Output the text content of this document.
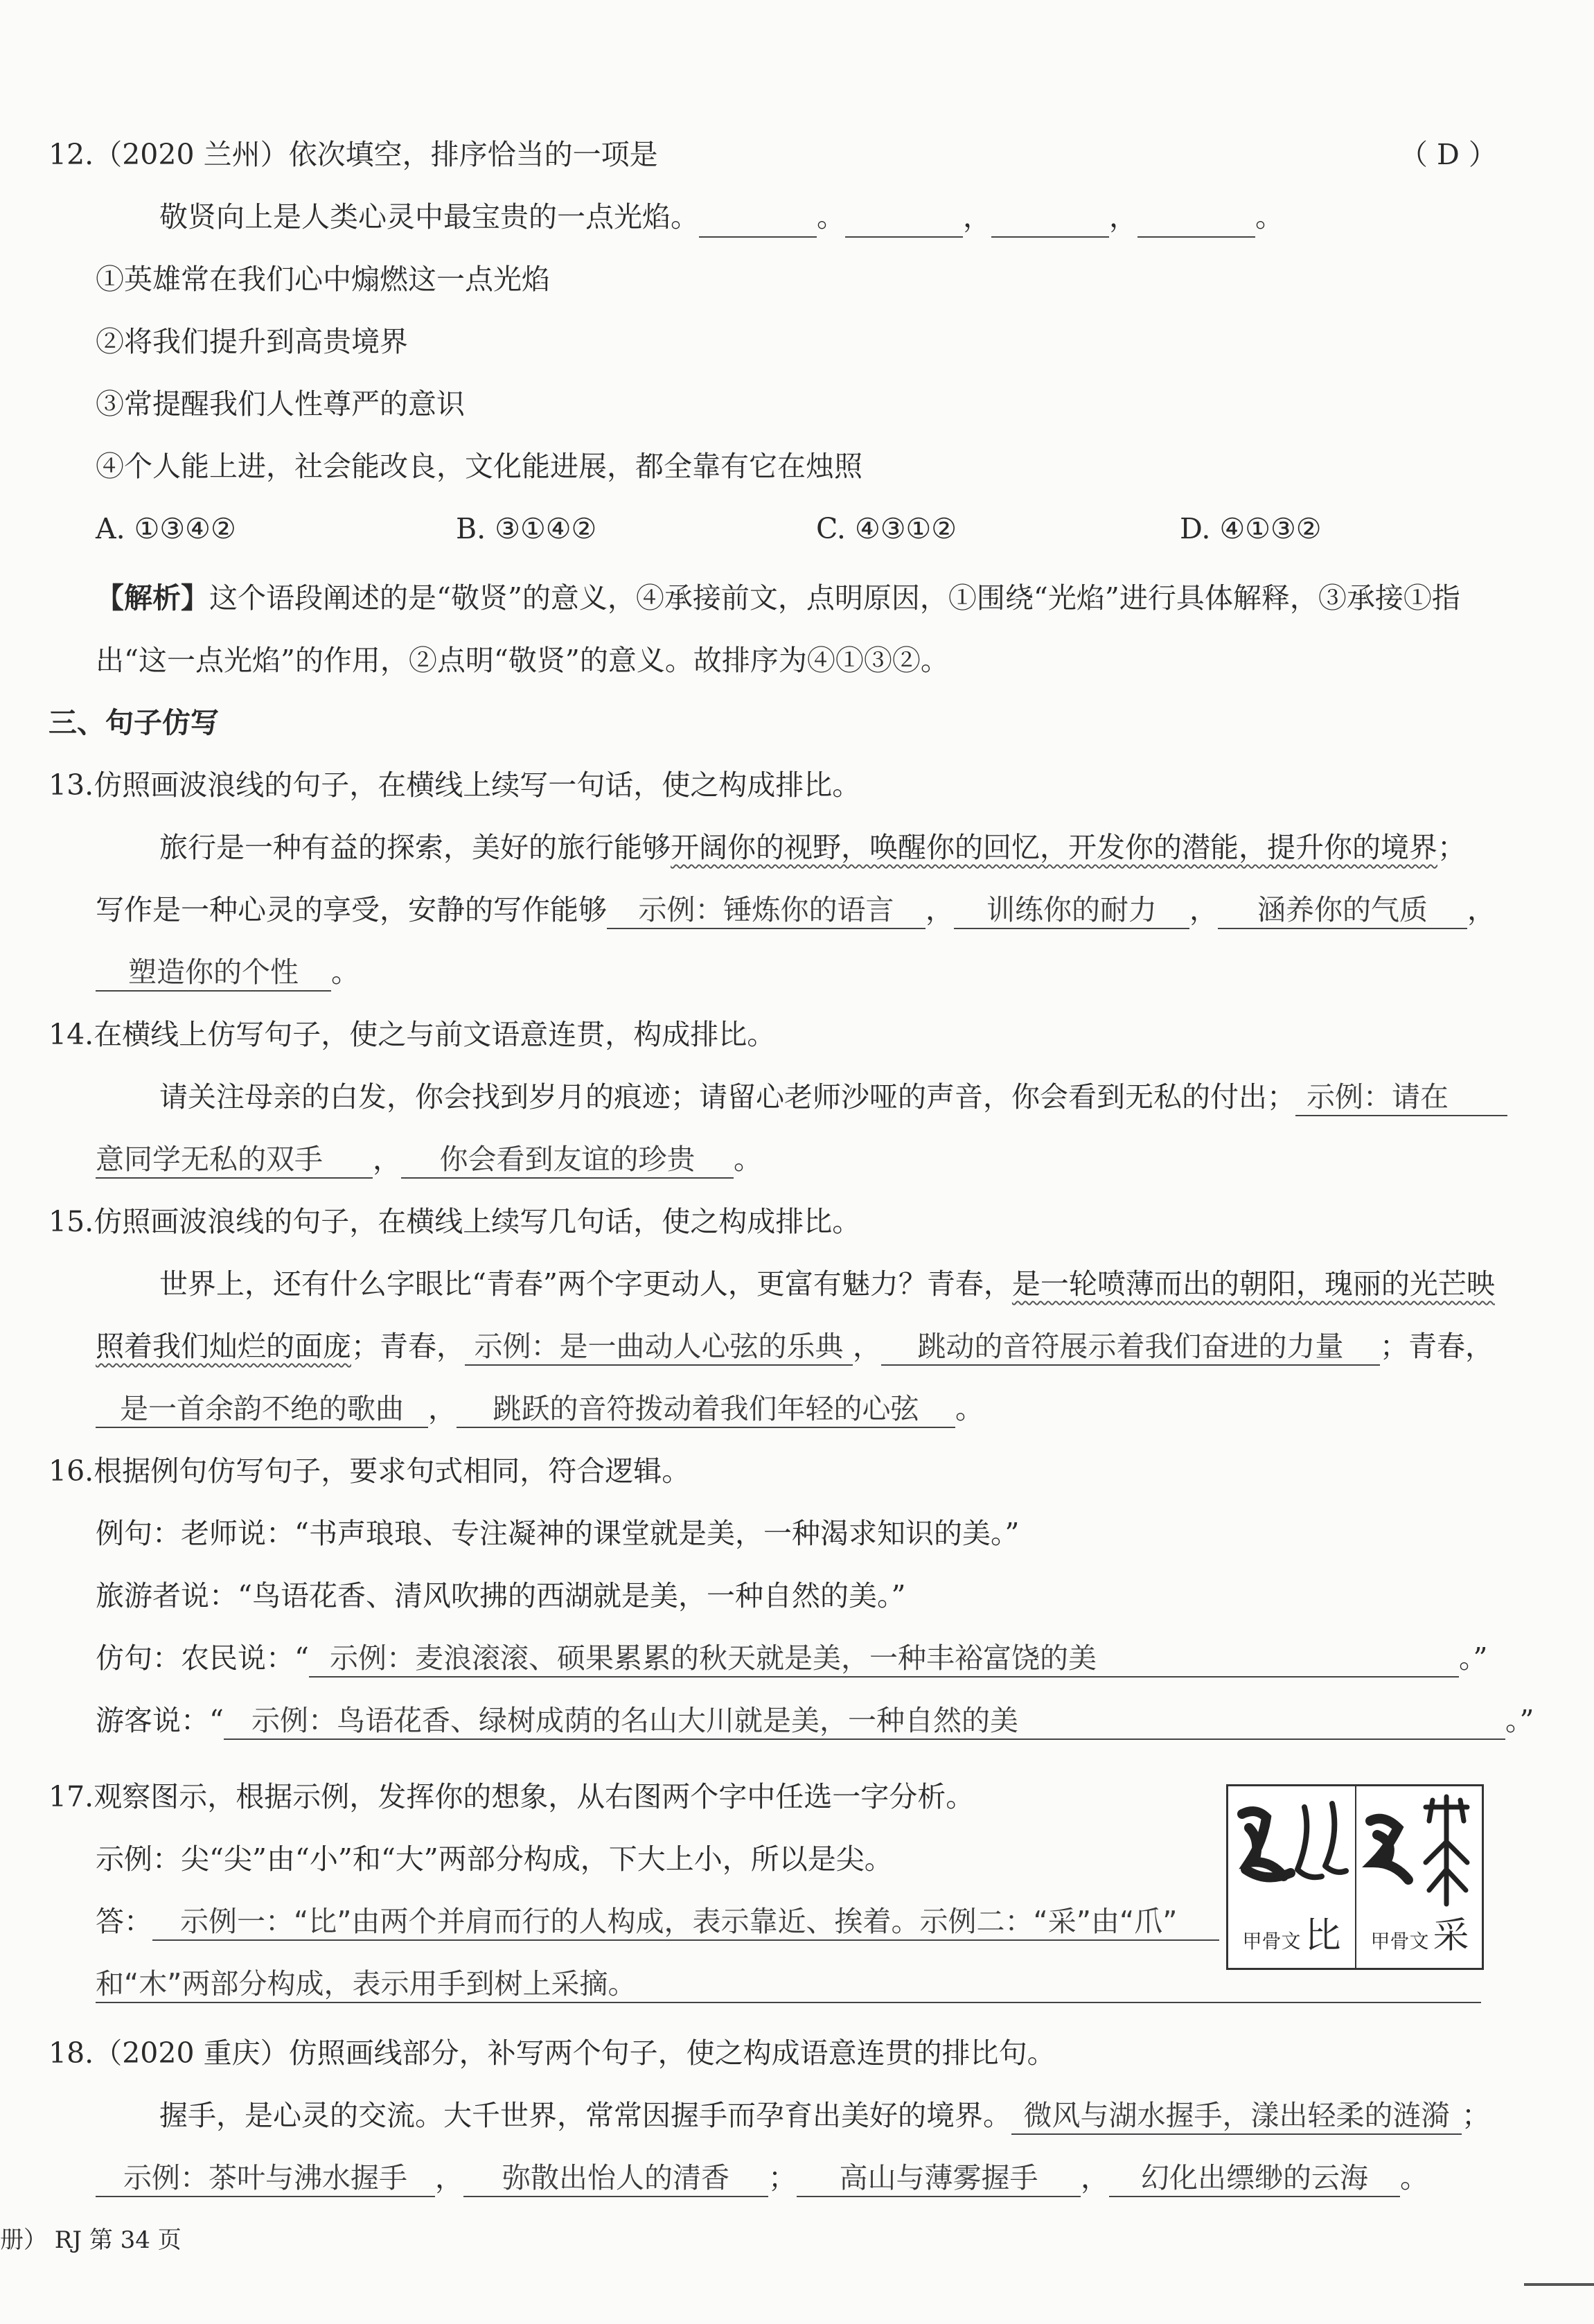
12.（2020 兰州）依次填空，排序恰当的一项是	（ D ）
敬贤向上是人类心灵中最宝贵的一点光焰。	。	，	，	。
①英雄常在我们心中煽燃这一点光焰
②将我们提升到高贵境界
③常提醒我们人性尊严的意识
④个人能上进，社会能改良，文化能进展，都全靠有它在烛照
A. ①③④②	B. ③①④②	C. ④③①②	D. ④①③②
【解析】这个语段阐述的是“敬贤”的意义，④承接前文，点明原因，①围绕“光焰”进行具体解释，③承接①指
出“这一点光焰”的作用，②点明“敬贤”的意义。故排序为④①③②。
三、句子仿写
13.仿照画波浪线的句子，在横线上续写一句话，使之构成排比。
旅行是一种有益的探索，美好的旅行能够开阔你的视野，唤醒你的回忆，开发你的潜能，提升你的境界；
写作是一种心灵的享受，安静的写作能够 示例：锤炼你的语言 ， 训练你的耐力 ， 涵养你的气质 ，
塑造你的个性 。
14.在横线上仿写句子，使之与前文语意连贯，构成排比。
请关注母亲的白发，你会找到岁月的痕迹；请留心老师沙哑的声音，你会看到无私的付出； 示例：请在
意同学无私的双手 ， 你会看到友谊的珍贵 。
15.仿照画波浪线的句子，在横线上续写几句话，使之构成排比。
世界上，还有什么字眼比“青春”两个字更动人，更富有魅力？青春，是一轮喷薄而出的朝阳，瑰丽的光芒映
照着我们灿烂的面庞；青春， 示例：是一曲动人心弦的乐典 ， 跳动的音符展示着我们奋进的力量 ；青春，
是一首余韵不绝的歌曲 ， 跳跃的音符拨动着我们年轻的心弦 。
16.根据例句仿写句子，要求句式相同，符合逻辑。
例句：老师说：“书声琅琅、专注凝神的课堂就是美，一种渴求知识的美。”
旅游者说：“鸟语花香、清风吹拂的西湖就是美，一种自然的美。”
仿句：农民说：“ 示例：麦浪滚滚、硕果累累的秋天就是美，一种丰裕富饶的美	。”
游客说：“ 示例：鸟语花香、绿树成荫的名山大川就是美，一种自然的美	。”
17.观察图示，根据示例，发挥你的想象，从右图两个字中任选一字分析。
示例：尖“尖”由“小”和“大”两部分构成，下大上小，所以是尖。
答： 示例一：“比”由两个并肩而行的人构成，表示靠近、挨着。示例二：“采”由“爪”
和“木”两部分构成，表示用手到树上采摘。
甲骨文 比	甲骨文 采
18.（2020 重庆）仿照画线部分，补写两个句子，使之构成语意连贯的排比句。
握手，是心灵的交流。大千世界，常常因握手而孕育出美好的境界。 微风与湖水握手，漾出轻柔的涟漪 ；
示例：茶叶与沸水握手 ， 弥散出怡人的清香 ； 高山与薄雾握手 ， 幻化出缥缈的云海 。
册） RJ 第 34 页
